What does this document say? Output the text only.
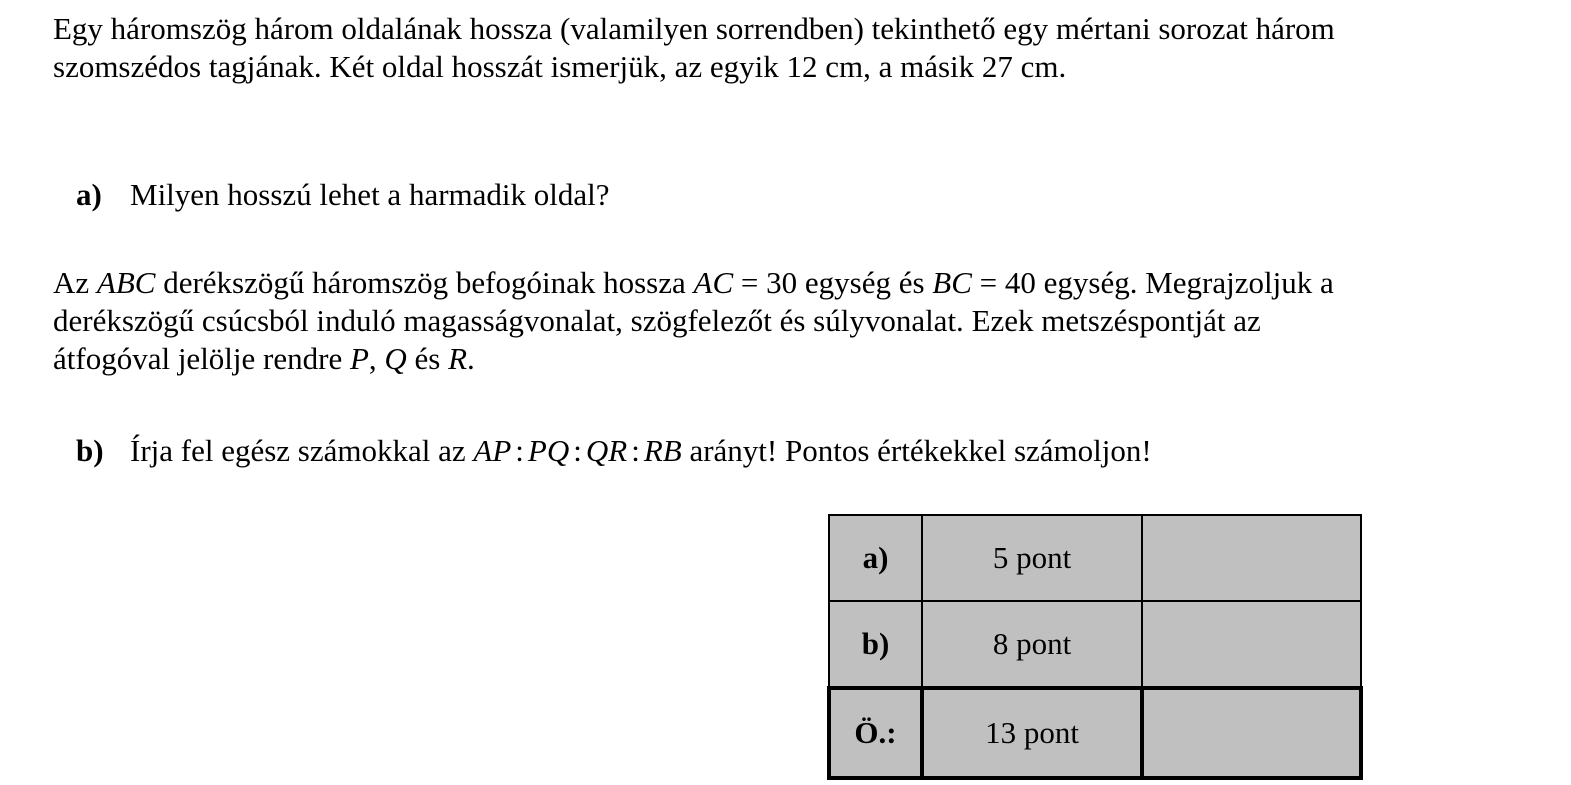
Egy háromszög három oldalának hossza (valamilyen sorrendben) tekinthető egy mértani sorozat három szomszédos tagjának. Két oldal hosszát ismerjük, az egyik 12 cm, a másik 27 cm.

a) Milyen hosszú lehet a harmadik oldal?

Az ABC derékszögű háromszög befogóinak hossza AC = 30 egység és BC = 40 egység. Megrajzoljuk a derékszögű csúcsból induló magasságvonalat, szögfelezőt és súlyvonalat. Ezek metszéspontját az átfogóval jelölje rendre P, Q és R.

b) Írja fel egész számokkal az AP : PQ : QR : RB arányt! Pontos értékekkel számoljon!

a)	5 pont	
b)	8 pont	
Ö.:	13 pont	
